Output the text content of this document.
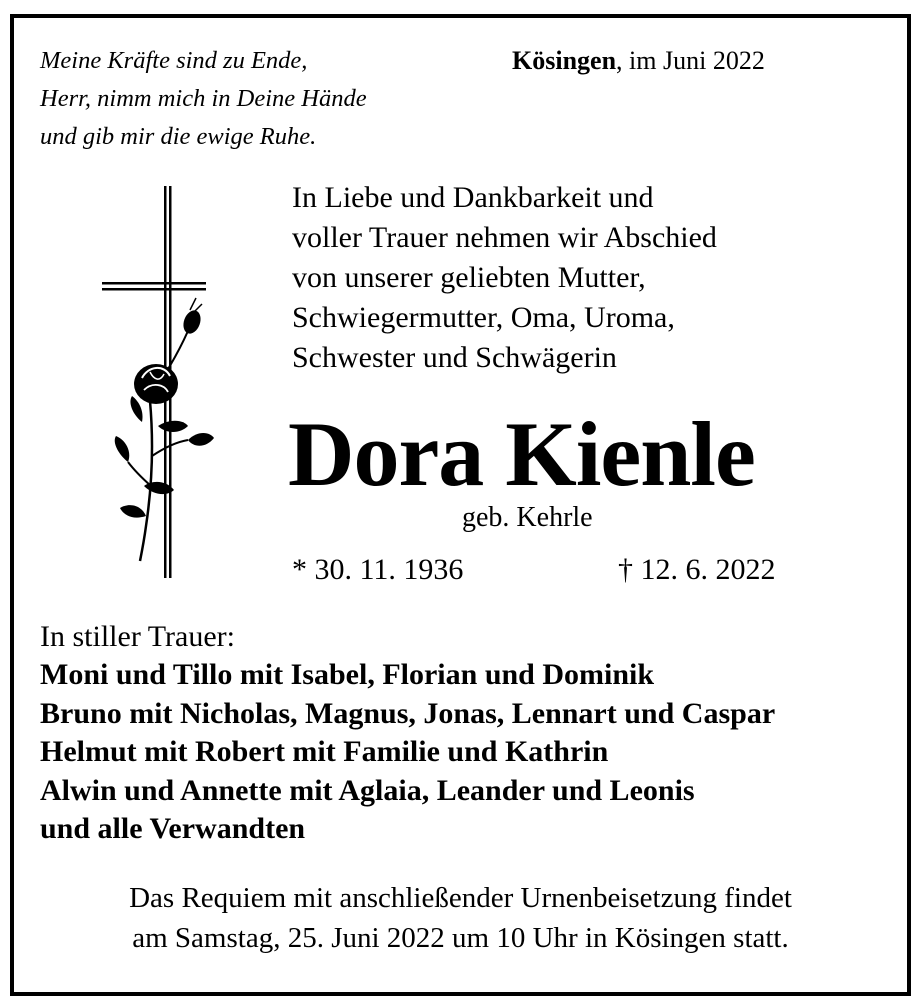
Meine Kräfte sind zu Ende,
Herr, nimm mich in Deine Hände
und gib mir die ewige Ruhe.
Kösingen, im Juni 2022
In Liebe und Dankbarkeit und
voller Trauer nehmen wir Abschied
von unserer geliebten Mutter,
Schwiegermutter, Oma, Uroma,
Schwester und Schwägerin
Dora Kienle
geb. Kehrle
* 30. 11. 1936	† 12. 6. 2022
In stiller Trauer:
Moni und Tillo mit Isabel, Florian und Dominik
Bruno mit Nicholas, Magnus, Jonas, Lennart und Caspar
Helmut mit Robert mit Familie und Kathrin
Alwin und Annette mit Aglaia, Leander und Leonis
und alle Verwandten
Das Requiem mit anschließender Urnenbeisetzung findet
am Samstag, 25. Juni 2022 um 10 Uhr in Kösingen statt.
